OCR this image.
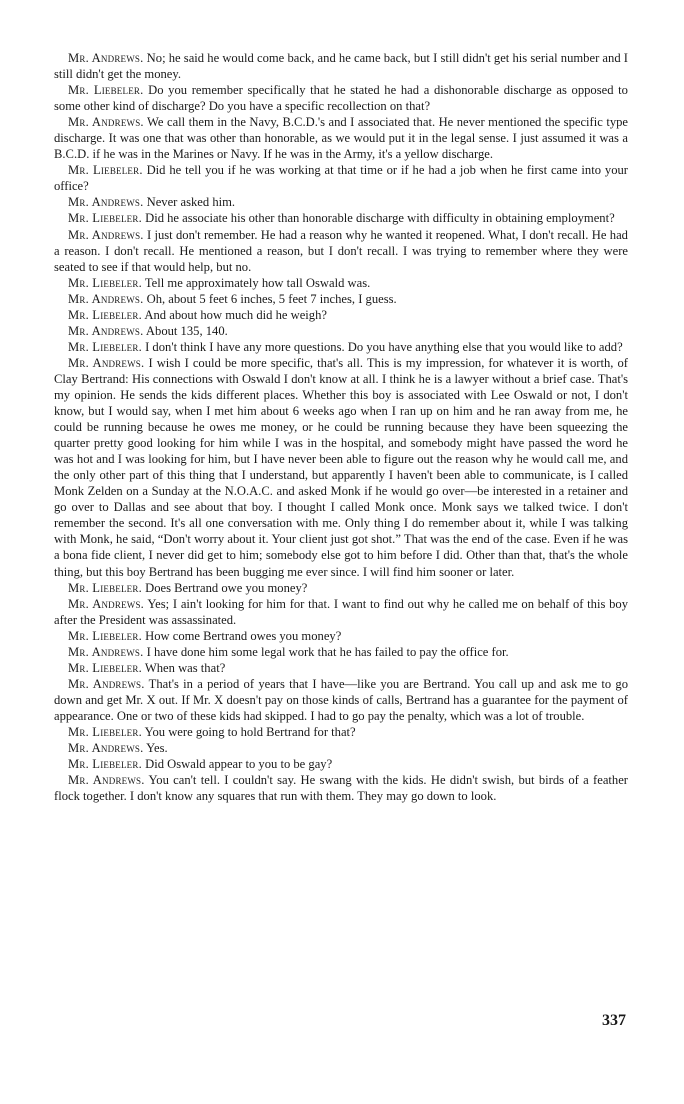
Mr. Andrews. No; he said he would come back, and he came back, but I still didn't get his serial number and I still didn't get the money.

Mr. Liebeler. Do you remember specifically that he stated he had a dishonorable discharge as opposed to some other kind of discharge? Do you have a specific recollection on that?

Mr. Andrews. We call them in the Navy, B.C.D.'s and I associated that. He never mentioned the specific type discharge. It was one that was other than honorable, as we would put it in the legal sense. I just assumed it was a B.C.D. if he was in the Marines or Navy. If he was in the Army, it's a yellow discharge.

Mr. Liebeler. Did he tell you if he was working at that time or if he had a job when he first came into your office?

Mr. Andrews. Never asked him.

Mr. Liebeler. Did he associate his other than honorable discharge with difficulty in obtaining employment?

Mr. Andrews. I just don't remember. He had a reason why he wanted it reopened. What, I don't recall. He had a reason. I don't recall. He mentioned a reason, but I don't recall. I was trying to remember where they were seated to see if that would help, but no.

Mr. Liebeler. Tell me approximately how tall Oswald was.

Mr. Andrews. Oh, about 5 feet 6 inches, 5 feet 7 inches, I guess.

Mr. Liebeler. And about how much did he weigh?

Mr. Andrews. About 135, 140.

Mr. Liebeler. I don't think I have any more questions. Do you have anything else that you would like to add?

Mr. Andrews. I wish I could be more specific, that's all. This is my impression, for whatever it is worth, of Clay Bertrand: His connections with Oswald I don't know at all. I think he is a lawyer without a brief case. That's my opinion. He sends the kids different places. Whether this boy is associated with Lee Oswald or not, I don't know, but I would say, when I met him about 6 weeks ago when I ran up on him and he ran away from me, he could be running because he owes me money, or he could be running because they have been squeezing the quarter pretty good looking for him while I was in the hospital, and somebody might have passed the word he was hot and I was looking for him, but I have never been able to figure out the reason why he would call me, and the only other part of this thing that I understand, but apparently I haven't been able to communicate, is I called Monk Zelden on a Sunday at the N.O.A.C. and asked Monk if he would go over—be interested in a retainer and go over to Dallas and see about that boy. I thought I called Monk once. Monk says we talked twice. I don't remember the second. It's all one conversation with me. Only thing I do remember about it, while I was talking with Monk, he said, “Don't worry about it. Your client just got shot.” That was the end of the case. Even if he was a bona fide client, I never did get to him; somebody else got to him before I did. Other than that, that's the whole thing, but this boy Bertrand has been bugging me ever since. I will find him sooner or later.

Mr. Liebeler. Does Bertrand owe you money?

Mr. Andrews. Yes; I ain't looking for him for that. I want to find out why he called me on behalf of this boy after the President was assassinated.

Mr. Liebeler. How come Bertrand owes you money?

Mr. Andrews. I have done him some legal work that he has failed to pay the office for.

Mr. Liebeler. When was that?

Mr. Andrews. That's in a period of years that I have—like you are Bertrand. You call up and ask me to go down and get Mr. X out. If Mr. X doesn't pay on those kinds of calls, Bertrand has a guarantee for the payment of appearance. One or two of these kids had skipped. I had to go pay the penalty, which was a lot of trouble.

Mr. Liebeler. You were going to hold Bertrand for that?

Mr. Andrews. Yes.

Mr. Liebeler. Did Oswald appear to you to be gay?

Mr. Andrews. You can't tell. I couldn't say. He swang with the kids. He didn't swish, but birds of a feather flock together. I don't know any squares that run with them. They may go down to look.

337
